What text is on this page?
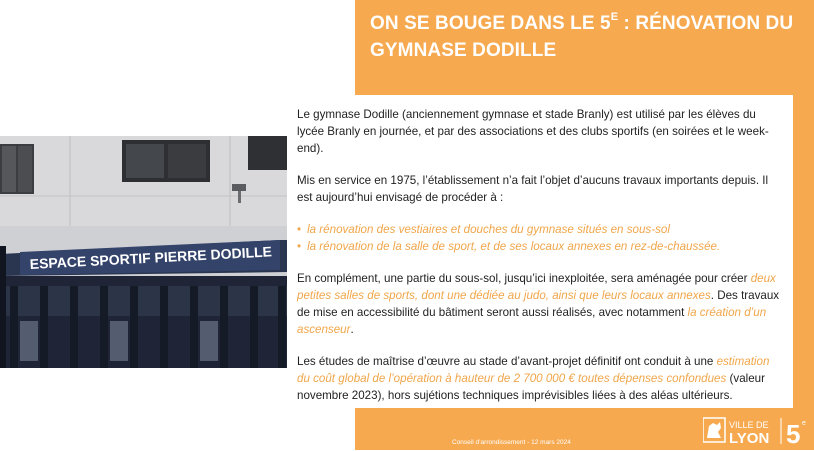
ON SE BOUGE DANS LE $5^E$ : RÉNOVATION DU GYMNASE DODILLE
ESPACE SPORTIF PIERRE DODILLE

Le gymnase Dodille (anciennement gymnase et stade Branly) est utilisé par les élèves du lycée Branly en journée, et par des associations et des clubs sportifs (en soirées et le week-end).

Mis en service en 1975, l’établissement n’a fait l’objet d’aucuns travaux importants depuis. Il est aujourd’hui envisagé de procéder à :

• la rénovation des vestiaires et douches du gymnase situés en sous-sol
• la rénovation de la salle de sport, et de ses locaux annexes en rez-de-chaussée.

En complément, une partie du sous-sol, jusqu’ici inexploitée, sera aménagée pour créer deux petites salles de sports, dont une dédiée au judo, ainsi que leurs locaux annexes. Des travaux de mise en accessibilité du bâtiment seront aussi réalisés, avec notamment la création d’un ascenseur.

Les études de maîtrise d’œuvre au stade d’avant-projet définitif ont conduit à une estimation du coût global de l’opération à hauteur de 2 700 000 € toutes dépenses confondues (valeur novembre 2023), hors sujétions techniques imprévisibles liées à des aléas ultérieurs.

Conseil d’arrondissement - 12 mars 2024
VILLE DE
LYON 5 e
